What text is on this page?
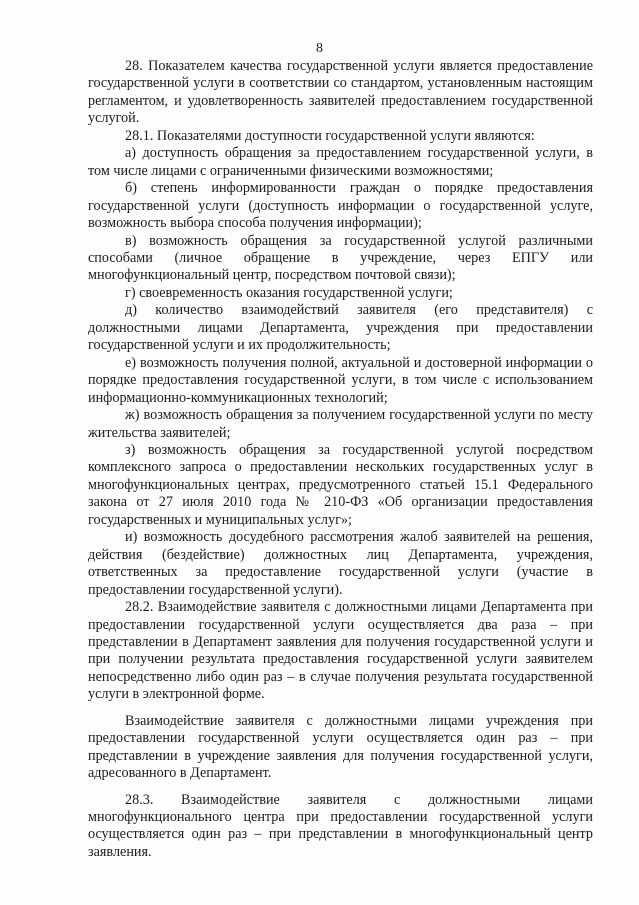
8

28. Показателем качества государственной услуги является предоставление государственной услуги в соответствии со стандартом, установленным настоящим регламентом, и удовлетворенность заявителей предоставлением государственной услугой.

28.1. Показателями доступности государственной услуги являются:

а) доступность обращения за предоставлением государственной услуги, в том числе лицами с ограниченными физическими возможностями;

б) степень информированности граждан о порядке предоставления государственной услуги (доступность информации о государственной услуге, возможность выбора способа получения информации);

в) возможность обращения за государственной услугой различными способами (личное обращение в учреждение, через ЕПГУ или многофункциональный центр, посредством почтовой связи);

г) своевременность оказания государственной услуги;

д) количество взаимодействий заявителя (его представителя) с должностными лицами Департамента, учреждения при предоставлении государственной услуги и их продолжительность;

е) возможность получения полной, актуальной и достоверной информации о порядке предоставления государственной услуги, в том числе с использованием информационно-коммуникационных технологий;

ж) возможность обращения за получением государственной услуги по месту жительства заявителей;

з) возможность обращения за государственной услугой посредством комплексного запроса о предоставлении нескольких государственных услуг в многофункциональных центрах, предусмотренного статьей 15.1 Федерального закона от 27 июля 2010 года № 210-ФЗ «Об организации предоставления государственных и муниципальных услуг»;

и) возможность досудебного рассмотрения жалоб заявителей на решения, действия (бездействие) должностных лиц Департамента, учреждения, ответственных за предоставление государственной услуги (участие в предоставлении государственной услуги).

28.2. Взаимодействие заявителя с должностными лицами Департамента при предоставлении государственной услуги осуществляется два раза – при представлении в Департамент заявления для получения государственной услуги и при получении результата предоставления государственной услуги заявителем непосредственно либо один раз – в случае получения результата государственной услуги в электронной форме.

Взаимодействие заявителя с должностными лицами учреждения при предоставлении государственной услуги осуществляется один раз – при представлении в учреждение заявления для получения государственной услуги, адресованного в Департамент.

28.3. Взаимодействие заявителя с должностными лицами многофункционального центра при предоставлении государственной услуги осуществляется один раз – при представлении в многофункциональный центр заявления.
